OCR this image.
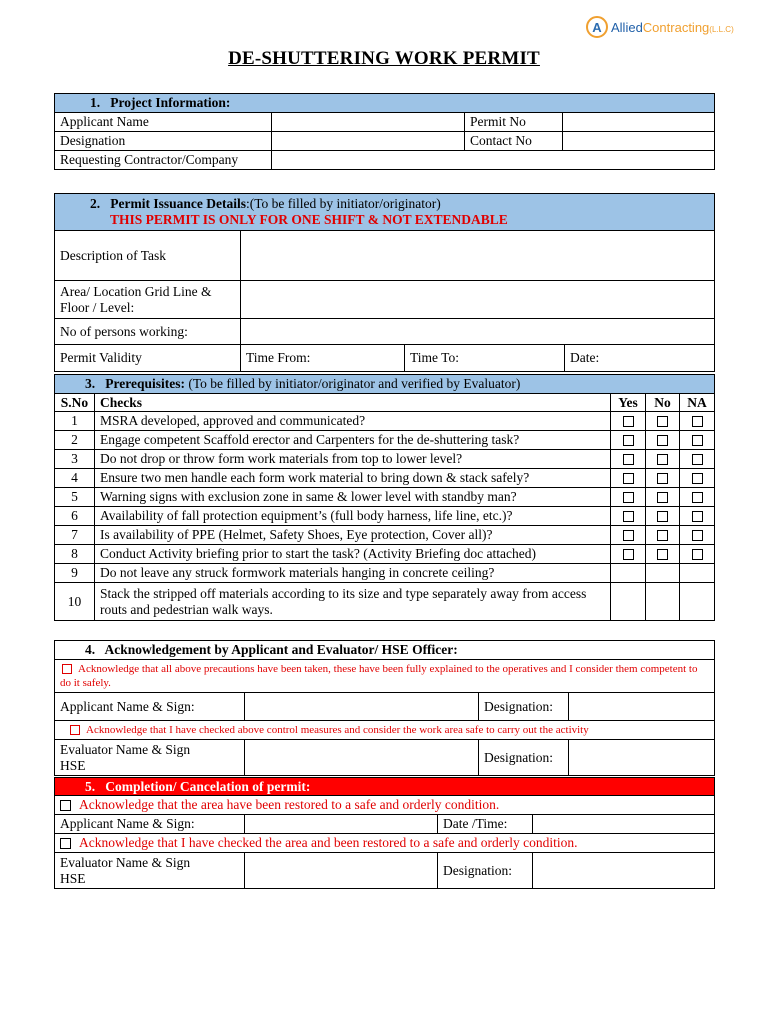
A AlliedContracting(L.L.C)
DE-SHUTTERING WORK PERMIT
1. Project Information:			
Applicant Name		Permit No	
Designation		Contact No	
Requesting Contractor/Company			
2. Permit Issuance Details:(To be filled by initiator/originator)
THIS PERMIT IS ONLY FOR ONE SHIFT & NOT EXTENDABLE			
Description of Task			
Area/ Location Grid Line & Floor / Level:			
No of persons working:			
Permit Validity	Time From:	Time To:	Date:
3. Prerequisites: (To be filled by initiator/originator and verified by Evaluator)				
S.No	Checks	Yes	No	NA
1	MSRA developed, approved and communicated?			
2	Engage competent Scaffold erector and Carpenters for the de-shuttering task?			
3	Do not drop or throw form work materials from top to lower level?			
4	Ensure two men handle each form work material to bring down & stack safely?			
5	Warning signs with exclusion zone in same & lower level with standby man?			
6	Availability of fall protection equipment’s (full body harness, life line, etc.)?			
7	Is availability of PPE (Helmet, Safety Shoes, Eye protection, Cover all)?			
8	Conduct Activity briefing prior to start the task? (Activity Briefing doc attached)			
9	Do not leave any struck formwork materials hanging in concrete ceiling?			
10	Stack the stripped off materials according to its size and type separately away from access routs and pedestrian walk ways.			
4. Acknowledgement by Applicant and Evaluator/ HSE Officer:			
Acknowledge that all above precautions have been taken, these have been fully explained to the operatives and I consider them competent to do it safely.			
Applicant Name & Sign:		Designation:	
Acknowledge that I have checked above control measures and consider the work area safe to carry out the activity			
Evaluator Name & Sign
HSE		Designation:	
5. Completion/ Cancelation of permit:			
Acknowledge that the area have been restored to a safe and orderly condition.			
Applicant Name & Sign:		Date /Time:	
Acknowledge that I have checked the area and been restored to a safe and orderly condition.			
Evaluator Name & Sign
HSE		Designation:	
